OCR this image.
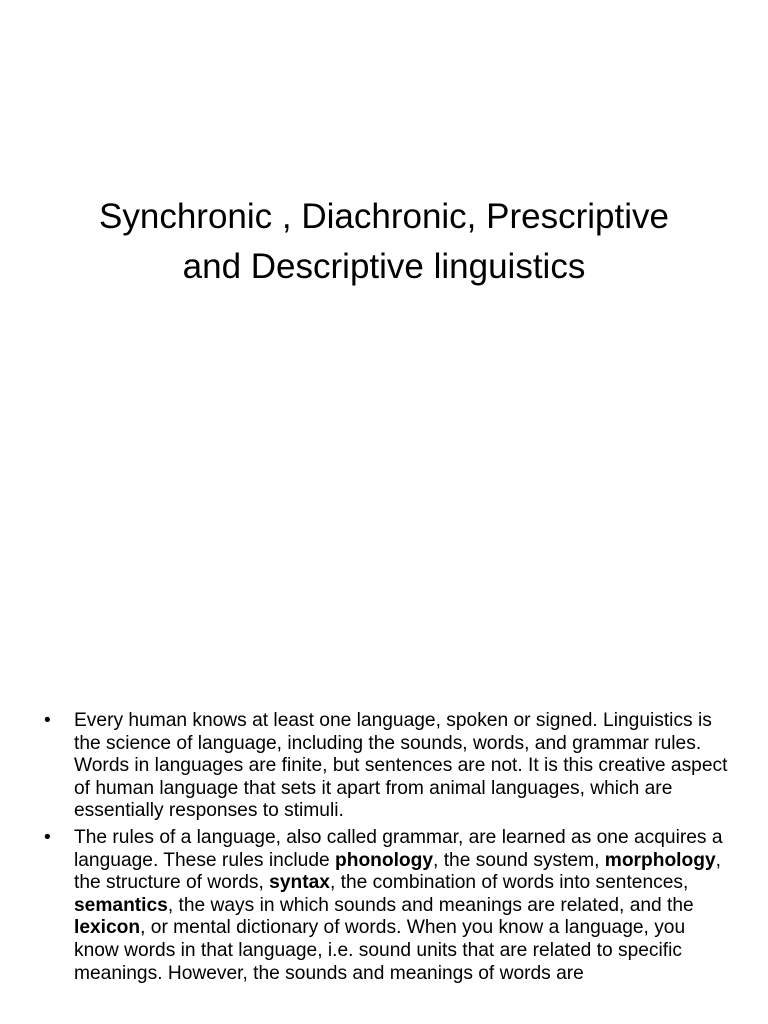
Synchronic , Diachronic, Prescriptive
and Descriptive linguistics
• Every human knows at least one language, spoken or signed. Linguistics is the science of language, including the sounds, words, and grammar rules. Words in languages are finite, but sentences are not. It is this creative aspect of human language that sets it apart from animal languages, which are essentially responses to stimuli.
• The rules of a language, also called grammar, are learned as one acquires a language. These rules include phonology, the sound system, morphology, the structure of words, syntax, the combination of words into sentences, semantics, the ways in which sounds and meanings are related, and the lexicon, or mental dictionary of words. When you know a language, you know words in that language, i.e. sound units that are related to specific meanings. However, the sounds and meanings of words are
